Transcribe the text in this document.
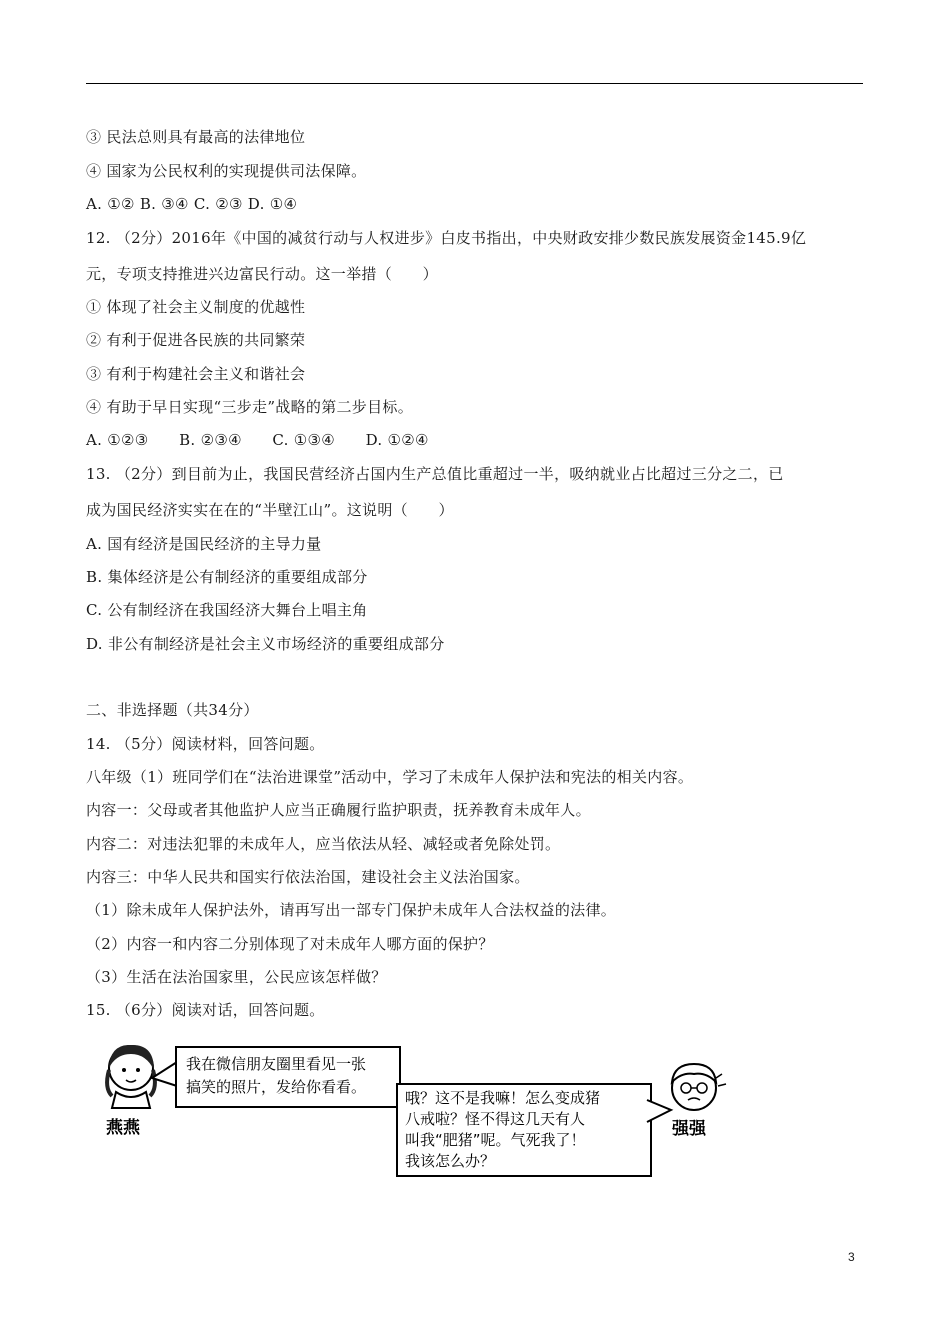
③ 民法总则具有最高的法律地位
④ 国家为公民权利的实现提供司法保障。
A. ①② B. ③④ C. ②③ D. ①④
12. （2分）2016年《中国的减贫行动与人权进步》白皮书指出，中央财政安排少数民族发展资金145.9亿
元，专项支持推进兴边富民行动。这一举措（　　）
① 体现了社会主义制度的优越性
② 有利于促进各民族的共同繁荣
③ 有利于构建社会主义和谐社会
④ 有助于早日实现“三步走”战略的第二步目标。
A. ①②③　　B. ②③④　　C. ①③④　　D. ①②④
13. （2分）到目前为止，我国民营经济占国内生产总值比重超过一半，吸纳就业占比超过三分之二，已
成为国民经济实实在在的“半壁江山”。这说明（　　）
A. 国有经济是国民经济的主导力量
B. 集体经济是公有制经济的重要组成部分
C. 公有制经济在我国经济大舞台上唱主角
D. 非公有制经济是社会主义市场经济的重要组成部分
二、非选择题（共34分）
14. （5分）阅读材料，回答问题。
八年级（1）班同学们在“法治进课堂”活动中，学习了未成年人保护法和宪法的相关内容。
内容一：父母或者其他监护人应当正确履行监护职责，抚养教育未成年人。
内容二：对违法犯罪的未成年人，应当依法从轻、减轻或者免除处罚。
内容三：中华人民共和国实行依法治国，建设社会主义法治国家。
（1）除未成年人保护法外，请再写出一部专门保护未成年人合法权益的法律。
（2）内容一和内容二分别体现了对未成年人哪方面的保护？
（3）生活在法治国家里，公民应该怎样做？
15. （6分）阅读对话，回答问题。
燕燕
我在微信朋友圈里看见一张
搞笑的照片，发给你看看。
哦？这不是我嘛！怎么变成猪
八戒啦？怪不得这几天有人
叫我“肥猪”呢。气死我了！
我该怎么办？
强强
3
